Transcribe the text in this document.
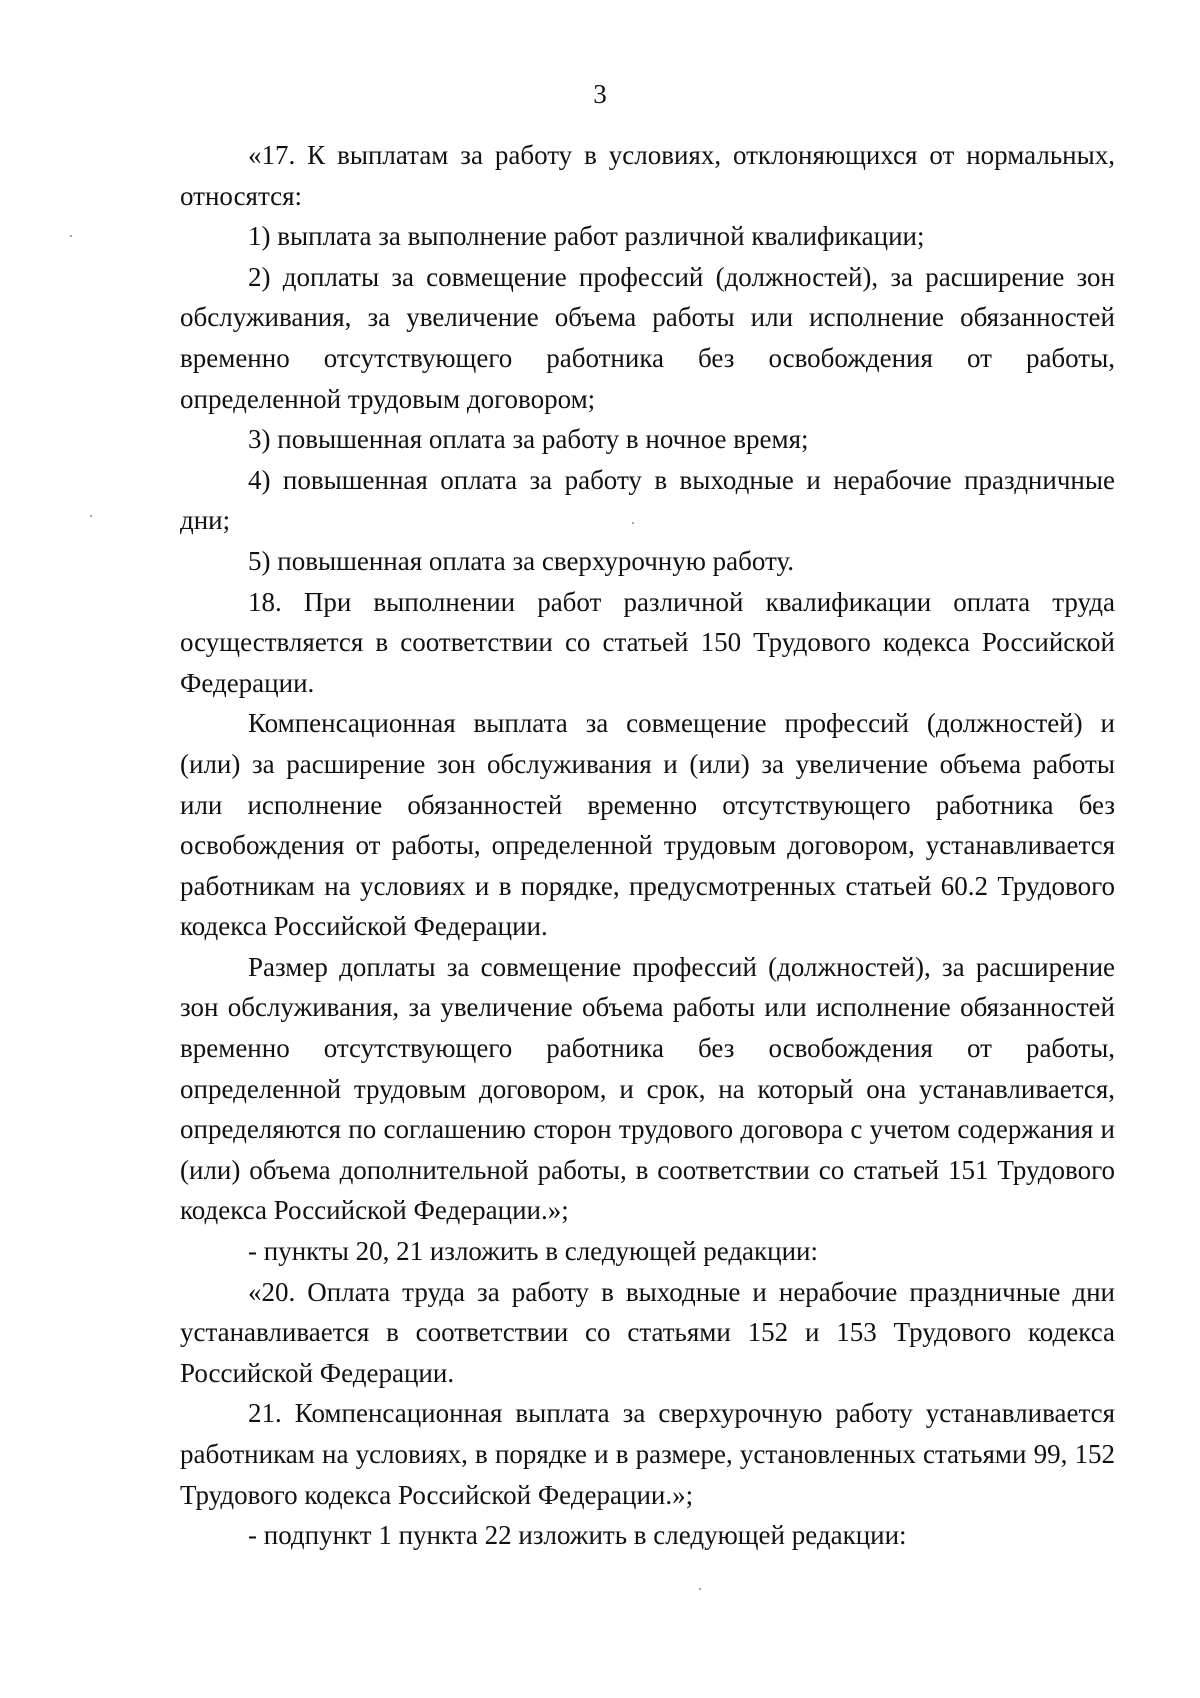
3

«17. К выплатам за работу в условиях, отклоняющихся от нормальных, относятся:

1) выплата за выполнение работ различной квалификации;

2) доплаты за совмещение профессий (должностей), за расширение зон обслуживания, за увеличение объема работы или исполнение обязанностей временно отсутствующего работника без освобождения от работы, определенной трудовым договором;

3) повышенная оплата за работу в ночное время;

4) повышенная оплата за работу в выходные и нерабочие праздничные дни;

5) повышенная оплата за сверхурочную работу.

18. При выполнении работ различной квалификации оплата труда осуществляется в соответствии со статьей 150 Трудового кодекса Российской Федерации.

Компенсационная выплата за совмещение профессий (должностей) и (или) за расширение зон обслуживания и (или) за увеличение объема работы или исполнение обязанностей временно отсутствующего работника без освобождения от работы, определенной трудовым договором, устанавливается работникам на условиях и в порядке, предусмотренных статьей 60.2 Трудового кодекса Российской Федерации.

Размер доплаты за совмещение профессий (должностей), за расширение зон обслуживания, за увеличение объема работы или исполнение обязанностей временно отсутствующего работника без освобождения от работы, определенной трудовым договором, и срок, на который она устанавливается, определяются по соглашению сторон трудового договора с учетом содержания и (или) объема дополнительной работы, в соответствии со статьей 151 Трудового кодекса Российской Федерации.»;

- пункты 20, 21 изложить в следующей редакции:

«20. Оплата труда за работу в выходные и нерабочие праздничные дни устанавливается в соответствии со статьями 152 и 153 Трудового кодекса Российской Федерации.

21. Компенсационная выплата за сверхурочную работу устанавливается работникам на условиях, в порядке и в размере, установленных статьями 99, 152 Трудового кодекса Российской Федерации.»;

- подпункт 1 пункта 22 изложить в следующей редакции:
